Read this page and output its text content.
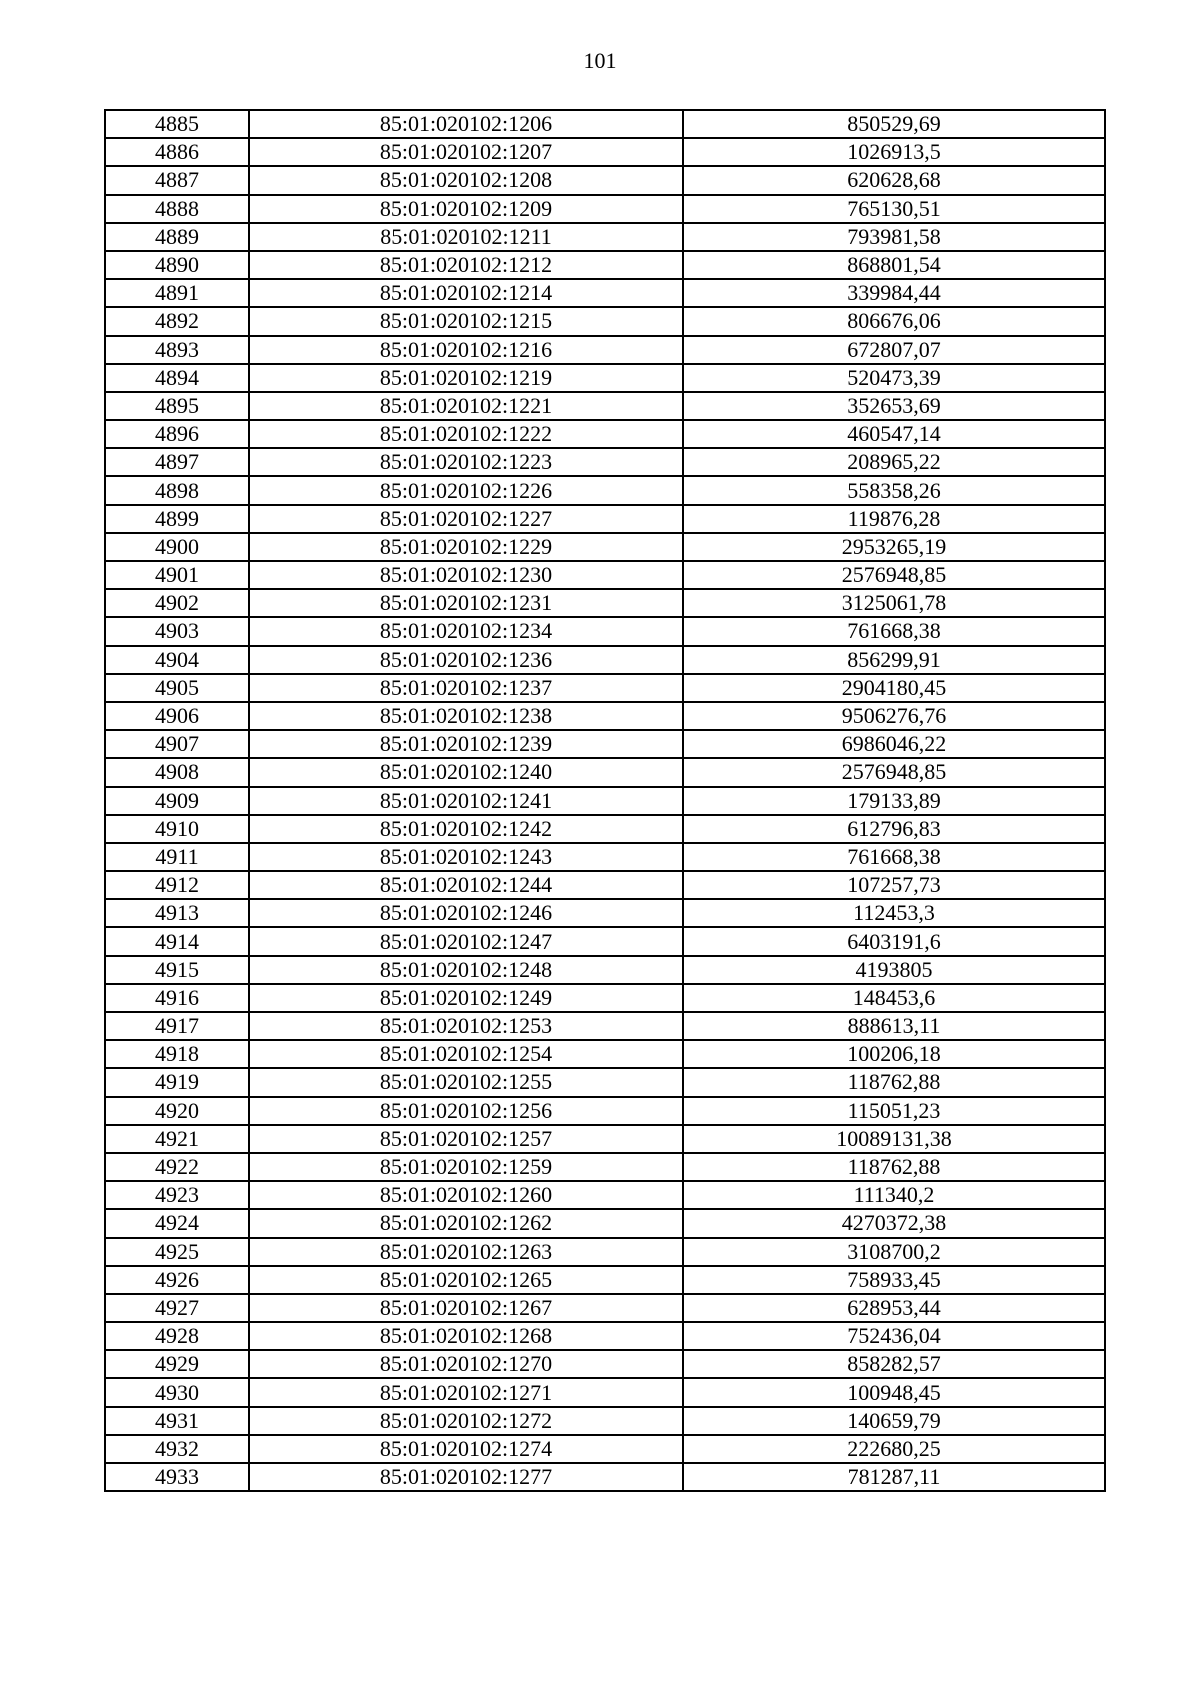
101
4885	85:01:020102:1206	850529,69
4886	85:01:020102:1207	1026913,5
4887	85:01:020102:1208	620628,68
4888	85:01:020102:1209	765130,51
4889	85:01:020102:1211	793981,58
4890	85:01:020102:1212	868801,54
4891	85:01:020102:1214	339984,44
4892	85:01:020102:1215	806676,06
4893	85:01:020102:1216	672807,07
4894	85:01:020102:1219	520473,39
4895	85:01:020102:1221	352653,69
4896	85:01:020102:1222	460547,14
4897	85:01:020102:1223	208965,22
4898	85:01:020102:1226	558358,26
4899	85:01:020102:1227	119876,28
4900	85:01:020102:1229	2953265,19
4901	85:01:020102:1230	2576948,85
4902	85:01:020102:1231	3125061,78
4903	85:01:020102:1234	761668,38
4904	85:01:020102:1236	856299,91
4905	85:01:020102:1237	2904180,45
4906	85:01:020102:1238	9506276,76
4907	85:01:020102:1239	6986046,22
4908	85:01:020102:1240	2576948,85
4909	85:01:020102:1241	179133,89
4910	85:01:020102:1242	612796,83
4911	85:01:020102:1243	761668,38
4912	85:01:020102:1244	107257,73
4913	85:01:020102:1246	112453,3
4914	85:01:020102:1247	6403191,6
4915	85:01:020102:1248	4193805
4916	85:01:020102:1249	148453,6
4917	85:01:020102:1253	888613,11
4918	85:01:020102:1254	100206,18
4919	85:01:020102:1255	118762,88
4920	85:01:020102:1256	115051,23
4921	85:01:020102:1257	10089131,38
4922	85:01:020102:1259	118762,88
4923	85:01:020102:1260	111340,2
4924	85:01:020102:1262	4270372,38
4925	85:01:020102:1263	3108700,2
4926	85:01:020102:1265	758933,45
4927	85:01:020102:1267	628953,44
4928	85:01:020102:1268	752436,04
4929	85:01:020102:1270	858282,57
4930	85:01:020102:1271	100948,45
4931	85:01:020102:1272	140659,79
4932	85:01:020102:1274	222680,25
4933	85:01:020102:1277	781287,11
